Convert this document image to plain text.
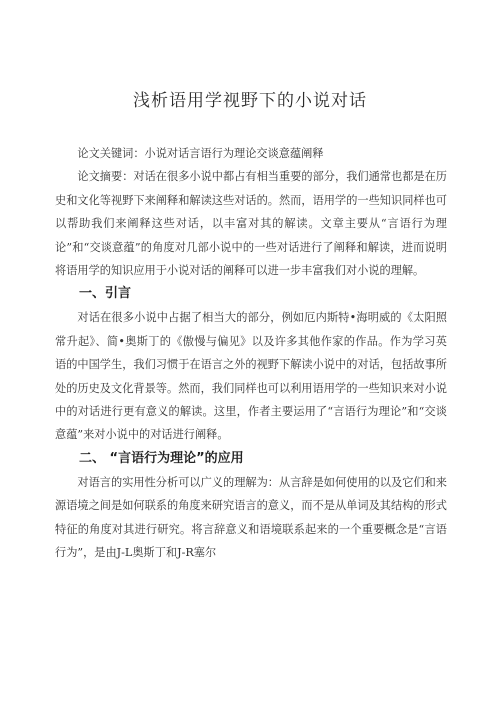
浅析语用学视野下的小说对话

论文关键词：小说对话言语行为理论交谈意蕴阐释

论文摘要：对话在很多小说中都占有相当重要的部分，我们通常也都是在历史和文化等视野下来阐释和解读这些对话的。然而，语用学的一些知识同样也可以帮助我们来阐释这些对话，以丰富对其的解读。文章主要从“言语行为理论”和“交谈意蕴”的角度对几部小说中的一些对话进行了阐释和解读，进而说明将语用学的知识应用于小说对话的阐释可以进一步丰富我们对小说的理解。

一、引言

对话在很多小说中占据了相当大的部分，例如厄内斯特•海明威的《太阳照常升起》、简•奥斯丁的《傲慢与偏见》以及许多其他作家的作品。作为学习英语的中国学生，我们习惯于在语言之外的视野下解读小说中的对话，包括故事所处的历史及文化背景等。然而，我们同样也可以利用语用学的一些知识来对小说中的对话进行更有意义的解读。这里，作者主要运用了“言语行为理论”和“交谈意蕴”来对小说中的对话进行阐释。

二、 “言语行为理论”的应用

对语言的实用性分析可以广义的理解为：从言辞是如何使用的以及它们和来源语境之间是如何联系的角度来研究语言的意义，而不是从单词及其结构的形式特征的角度对其进行研究。将言辞意义和语境联系起来的一个重要概念是“言语行为”，是由J-L奥斯丁和J-R塞尔
